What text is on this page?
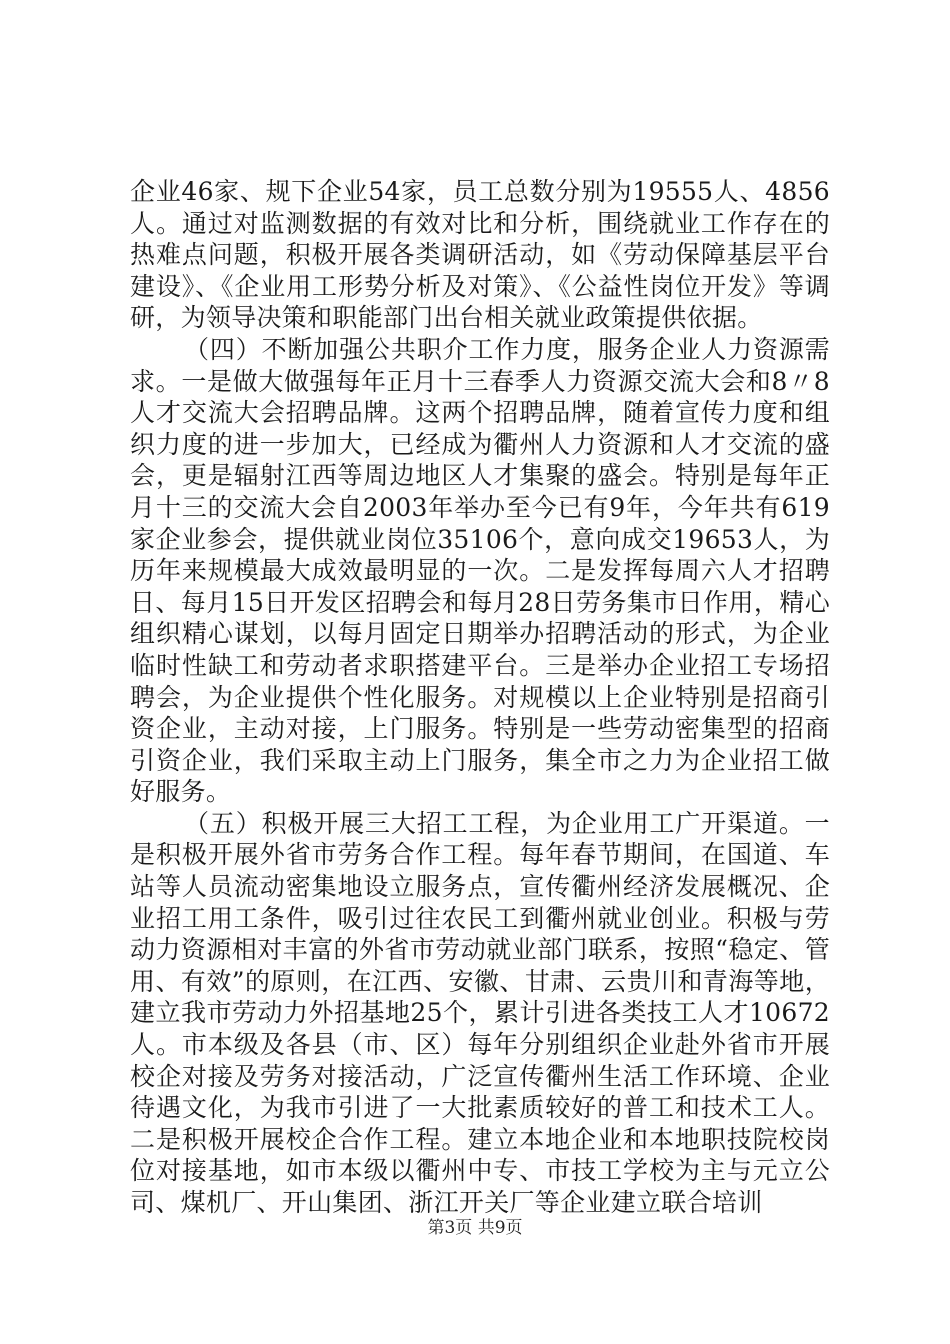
企业46家、规下企业54家，员工总数分别为19555人、4856人。通过对监测数据的有效对比和分析，围绕就业工作存在的热难点问题，积极开展各类调研活动，如《劳动保障基层平台建设》、《企业用工形势分析及对策》、《公益性岗位开发》等调研，为领导决策和职能部门出台相关就业政策提供依据。

（四）不断加强公共职介工作力度，服务企业人力资源需求。一是做大做强每年正月十三春季人力资源交流大会和8〃8人才交流大会招聘品牌。这两个招聘品牌，随着宣传力度和组织力度的进一步加大，已经成为衢州人力资源和人才交流的盛会，更是辐射江西等周边地区人才集聚的盛会。特别是每年正月十三的交流大会自2003年举办至今已有9年，今年共有619家企业参会，提供就业岗位35106个，意向成交19653人，为历年来规模最大成效最明显的一次。二是发挥每周六人才招聘日、每月15日开发区招聘会和每月28日劳务集市日作用，精心组织精心谋划，以每月固定日期举办招聘活动的形式，为企业临时性缺工和劳动者求职搭建平台。三是举办企业招工专场招聘会，为企业提供个性化服务。对规模以上企业特别是招商引资企业，主动对接，上门服务。特别是一些劳动密集型的招商引资企业，我们采取主动上门服务，集全市之力为企业招工做好服务。

（五）积极开展三大招工工程，为企业用工广开渠道。一是积极开展外省市劳务合作工程。每年春节期间，在国道、车站等人员流动密集地设立服务点，宣传衢州经济发展概况、企业招工用工条件，吸引过往农民工到衢州就业创业。积极与劳动力资源相对丰富的外省市劳动就业部门联系，按照“稳定、管用、有效”的原则，在江西、安徽、甘肃、云贵川和青海等地，建立我市劳动力外招基地25个，累计引进各类技工人才10672人。市本级及各县（市、区）每年分别组织企业赴外省市开展校企对接及劳务对接活动，广泛宣传衢州生活工作环境、企业待遇文化，为我市引进了一大批素质较好的普工和技术工人。二是积极开展校企合作工程。建立本地企业和本地职技院校岗位对接基地，如市本级以衢州中专、市技工学校为主与元立公司、煤机厂、开山集团、浙江开关厂等企业建立联合培训

第3页 共9页
